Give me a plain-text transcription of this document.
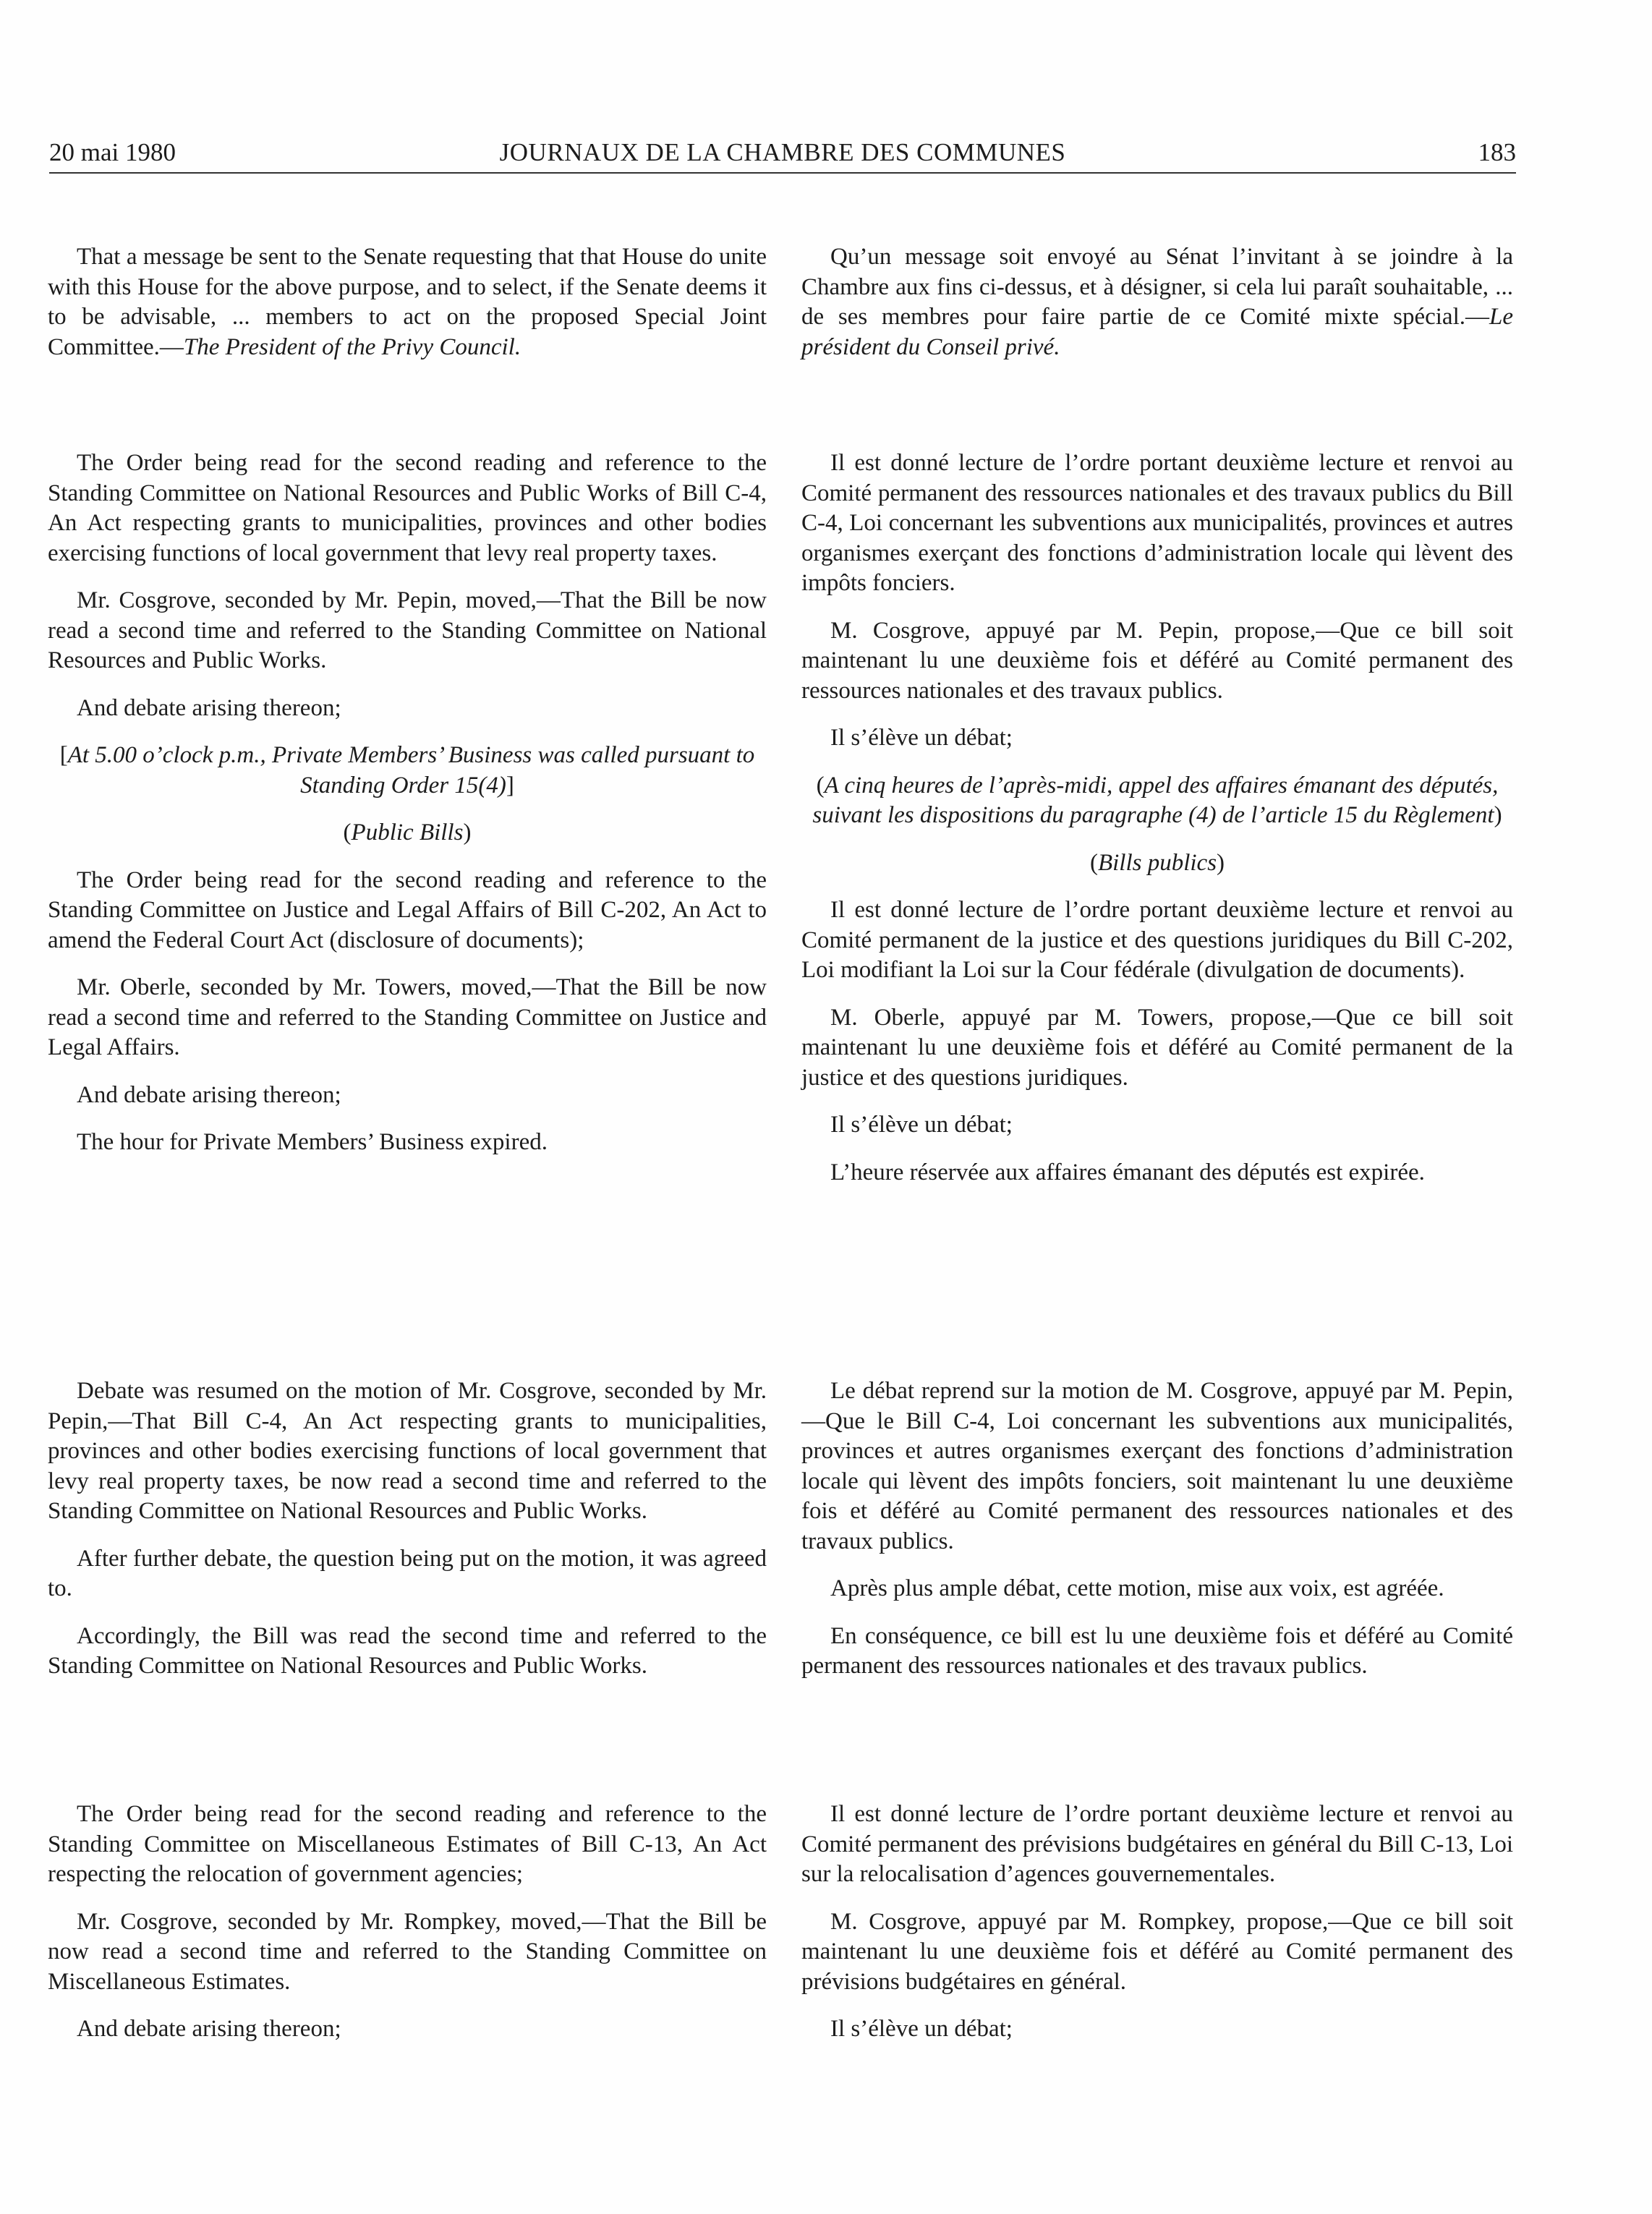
20 mai 1980	JOURNAUX DE LA CHAMBRE DES COMMUNES	183

That a message be sent to the Senate requesting that that House do unite with this House for the above purpose, and to select, if the Senate deems it to be advisable, ... members to act on the proposed Special Joint Committee.—The President of the Privy Council.

Qu’un message soit envoyé au Sénat l’invitant à se joindre à la Chambre aux fins ci-dessus, et à désigner, si cela lui paraît souhaitable, ... de ses membres pour faire partie de ce Comité mixte spécial.—Le président du Conseil privé.

The Order being read for the second reading and reference to the Standing Committee on National Resources and Public Works of Bill C-4, An Act respecting grants to municipalities, provinces and other bodies exercising functions of local government that levy real property taxes.

Mr. Cosgrove, seconded by Mr. Pepin, moved,—That the Bill be now read a second time and referred to the Standing Committee on National Resources and Public Works.

And debate arising thereon;

[At 5.00 o’clock p.m., Private Members’ Business was called pursuant to Standing Order 15(4)]

(Public Bills)

The Order being read for the second reading and reference to the Standing Committee on Justice and Legal Affairs of Bill C-202, An Act to amend the Federal Court Act (disclosure of documents);

Mr. Oberle, seconded by Mr. Towers, moved,—That the Bill be now read a second time and referred to the Standing Committee on Justice and Legal Affairs.

And debate arising thereon;

The hour for Private Members’ Business expired.

Il est donné lecture de l’ordre portant deuxième lecture et renvoi au Comité permanent des ressources nationales et des travaux publics du Bill C-4, Loi concernant les subventions aux municipalités, provinces et autres organismes exerçant des fonctions d’administration locale qui lèvent des impôts fonciers.

M. Cosgrove, appuyé par M. Pepin, propose,—Que ce bill soit maintenant lu une deuxième fois et déféré au Comité permanent des ressources nationales et des travaux publics.

Il s’élève un débat;

(A cinq heures de l’après-midi, appel des affaires émanant des députés, suivant les dispositions du paragraphe (4) de l’article 15 du Règlement)

(Bills publics)

Il est donné lecture de l’ordre portant deuxième lecture et renvoi au Comité permanent de la justice et des questions juridiques du Bill C-202, Loi modifiant la Loi sur la Cour fédérale (divulgation de documents).

M. Oberle, appuyé par M. Towers, propose,—Que ce bill soit maintenant lu une deuxième fois et déféré au Comité permanent de la justice et des questions juridiques.

Il s’élève un débat;

L’heure réservée aux affaires émanant des députés est expirée.

Debate was resumed on the motion of Mr. Cosgrove, seconded by Mr. Pepin,—That Bill C-4, An Act respecting grants to municipalities, provinces and other bodies exercising functions of local government that levy real property taxes, be now read a second time and referred to the Standing Committee on National Resources and Public Works.

After further debate, the question being put on the motion, it was agreed to.

Accordingly, the Bill was read the second time and referred to the Standing Committee on National Resources and Public Works.

Le débat reprend sur la motion de M. Cosgrove, appuyé par M. Pepin,—Que le Bill C-4, Loi concernant les subventions aux municipalités, provinces et autres organismes exerçant des fonctions d’administration locale qui lèvent des impôts fonciers, soit maintenant lu une deuxième fois et déféré au Comité permanent des ressources nationales et des travaux publics.

Après plus ample débat, cette motion, mise aux voix, est agréée.

En conséquence, ce bill est lu une deuxième fois et déféré au Comité permanent des ressources nationales et des travaux publics.

The Order being read for the second reading and reference to the Standing Committee on Miscellaneous Estimates of Bill C-13, An Act respecting the relocation of government agencies;

Mr. Cosgrove, seconded by Mr. Rompkey, moved,—That the Bill be now read a second time and referred to the Standing Committee on Miscellaneous Estimates.

And debate arising thereon;

Il est donné lecture de l’ordre portant deuxième lecture et renvoi au Comité permanent des prévisions budgétaires en général du Bill C-13, Loi sur la relocalisation d’agences gouvernementales.

M. Cosgrove, appuyé par M. Rompkey, propose,—Que ce bill soit maintenant lu une deuxième fois et déféré au Comité permanent des prévisions budgétaires en général.

Il s’élève un débat;
